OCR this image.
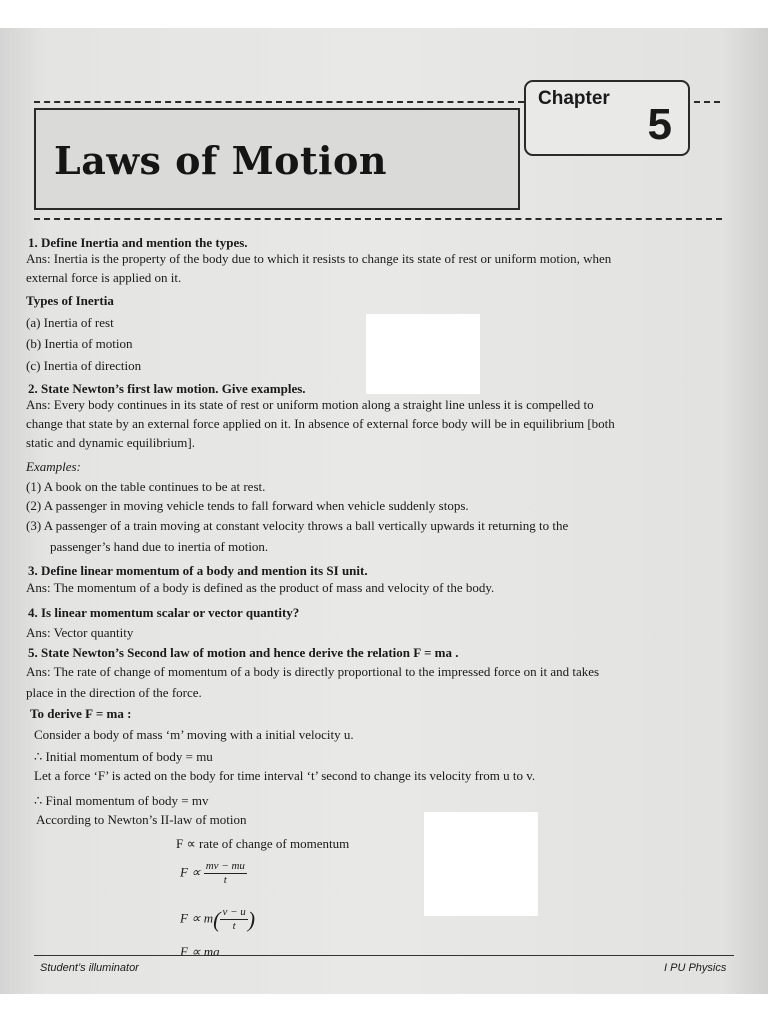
Laws of Motion
Chapter
5
1. Define Inertia and mention the types.
Ans: Inertia is the property of the body due to which it resists to change its state of rest or uniform motion, when
external force is applied on it.
Types of Inertia
(a) Inertia of rest
(b) Inertia of motion
(c) Inertia of direction
2. State Newton’s first law motion. Give examples.
Ans: Every body continues in its state of rest or uniform motion along a straight line unless it is compelled to
change that state by an external force applied on it. In absence of external force body will be in equilibrium [both
static and dynamic equilibrium].
Examples:
(1) A book on the table continues to be at rest.
(2) A passenger in moving vehicle tends to fall forward when vehicle suddenly stops.
(3) A passenger of a train moving at constant velocity throws a ball vertically upwards it returning to the
passenger’s hand due to inertia of motion.
3. Define linear momentum of a body and mention its SI unit.
Ans: The momentum of a body is defined as the product of mass and velocity of the body.
4. Is linear momentum scalar or vector quantity?
Ans: Vector quantity
5. State Newton’s Second law of motion and hence derive the relation F = ma .
Ans: The rate of change of momentum of a body is directly proportional to the impressed force on it and takes
place in the direction of the force.
To derive F = ma :
Consider a body of mass ‘m’ moving with a initial velocity u.
∴ Initial momentum of body = mu
Let a force ‘F’ is acted on the body for time interval ‘t’ second to change its velocity from u to v.
∴ Final momentum of body = mv
According to Newton’s II-law of motion
F ∝ rate of change of momentum
$F \propto \frac{mv - mu}{t}$
$F \propto m( \frac{v - u}{t}$ )
F ∝ ma
Student’s illuminator	I PU Physics
